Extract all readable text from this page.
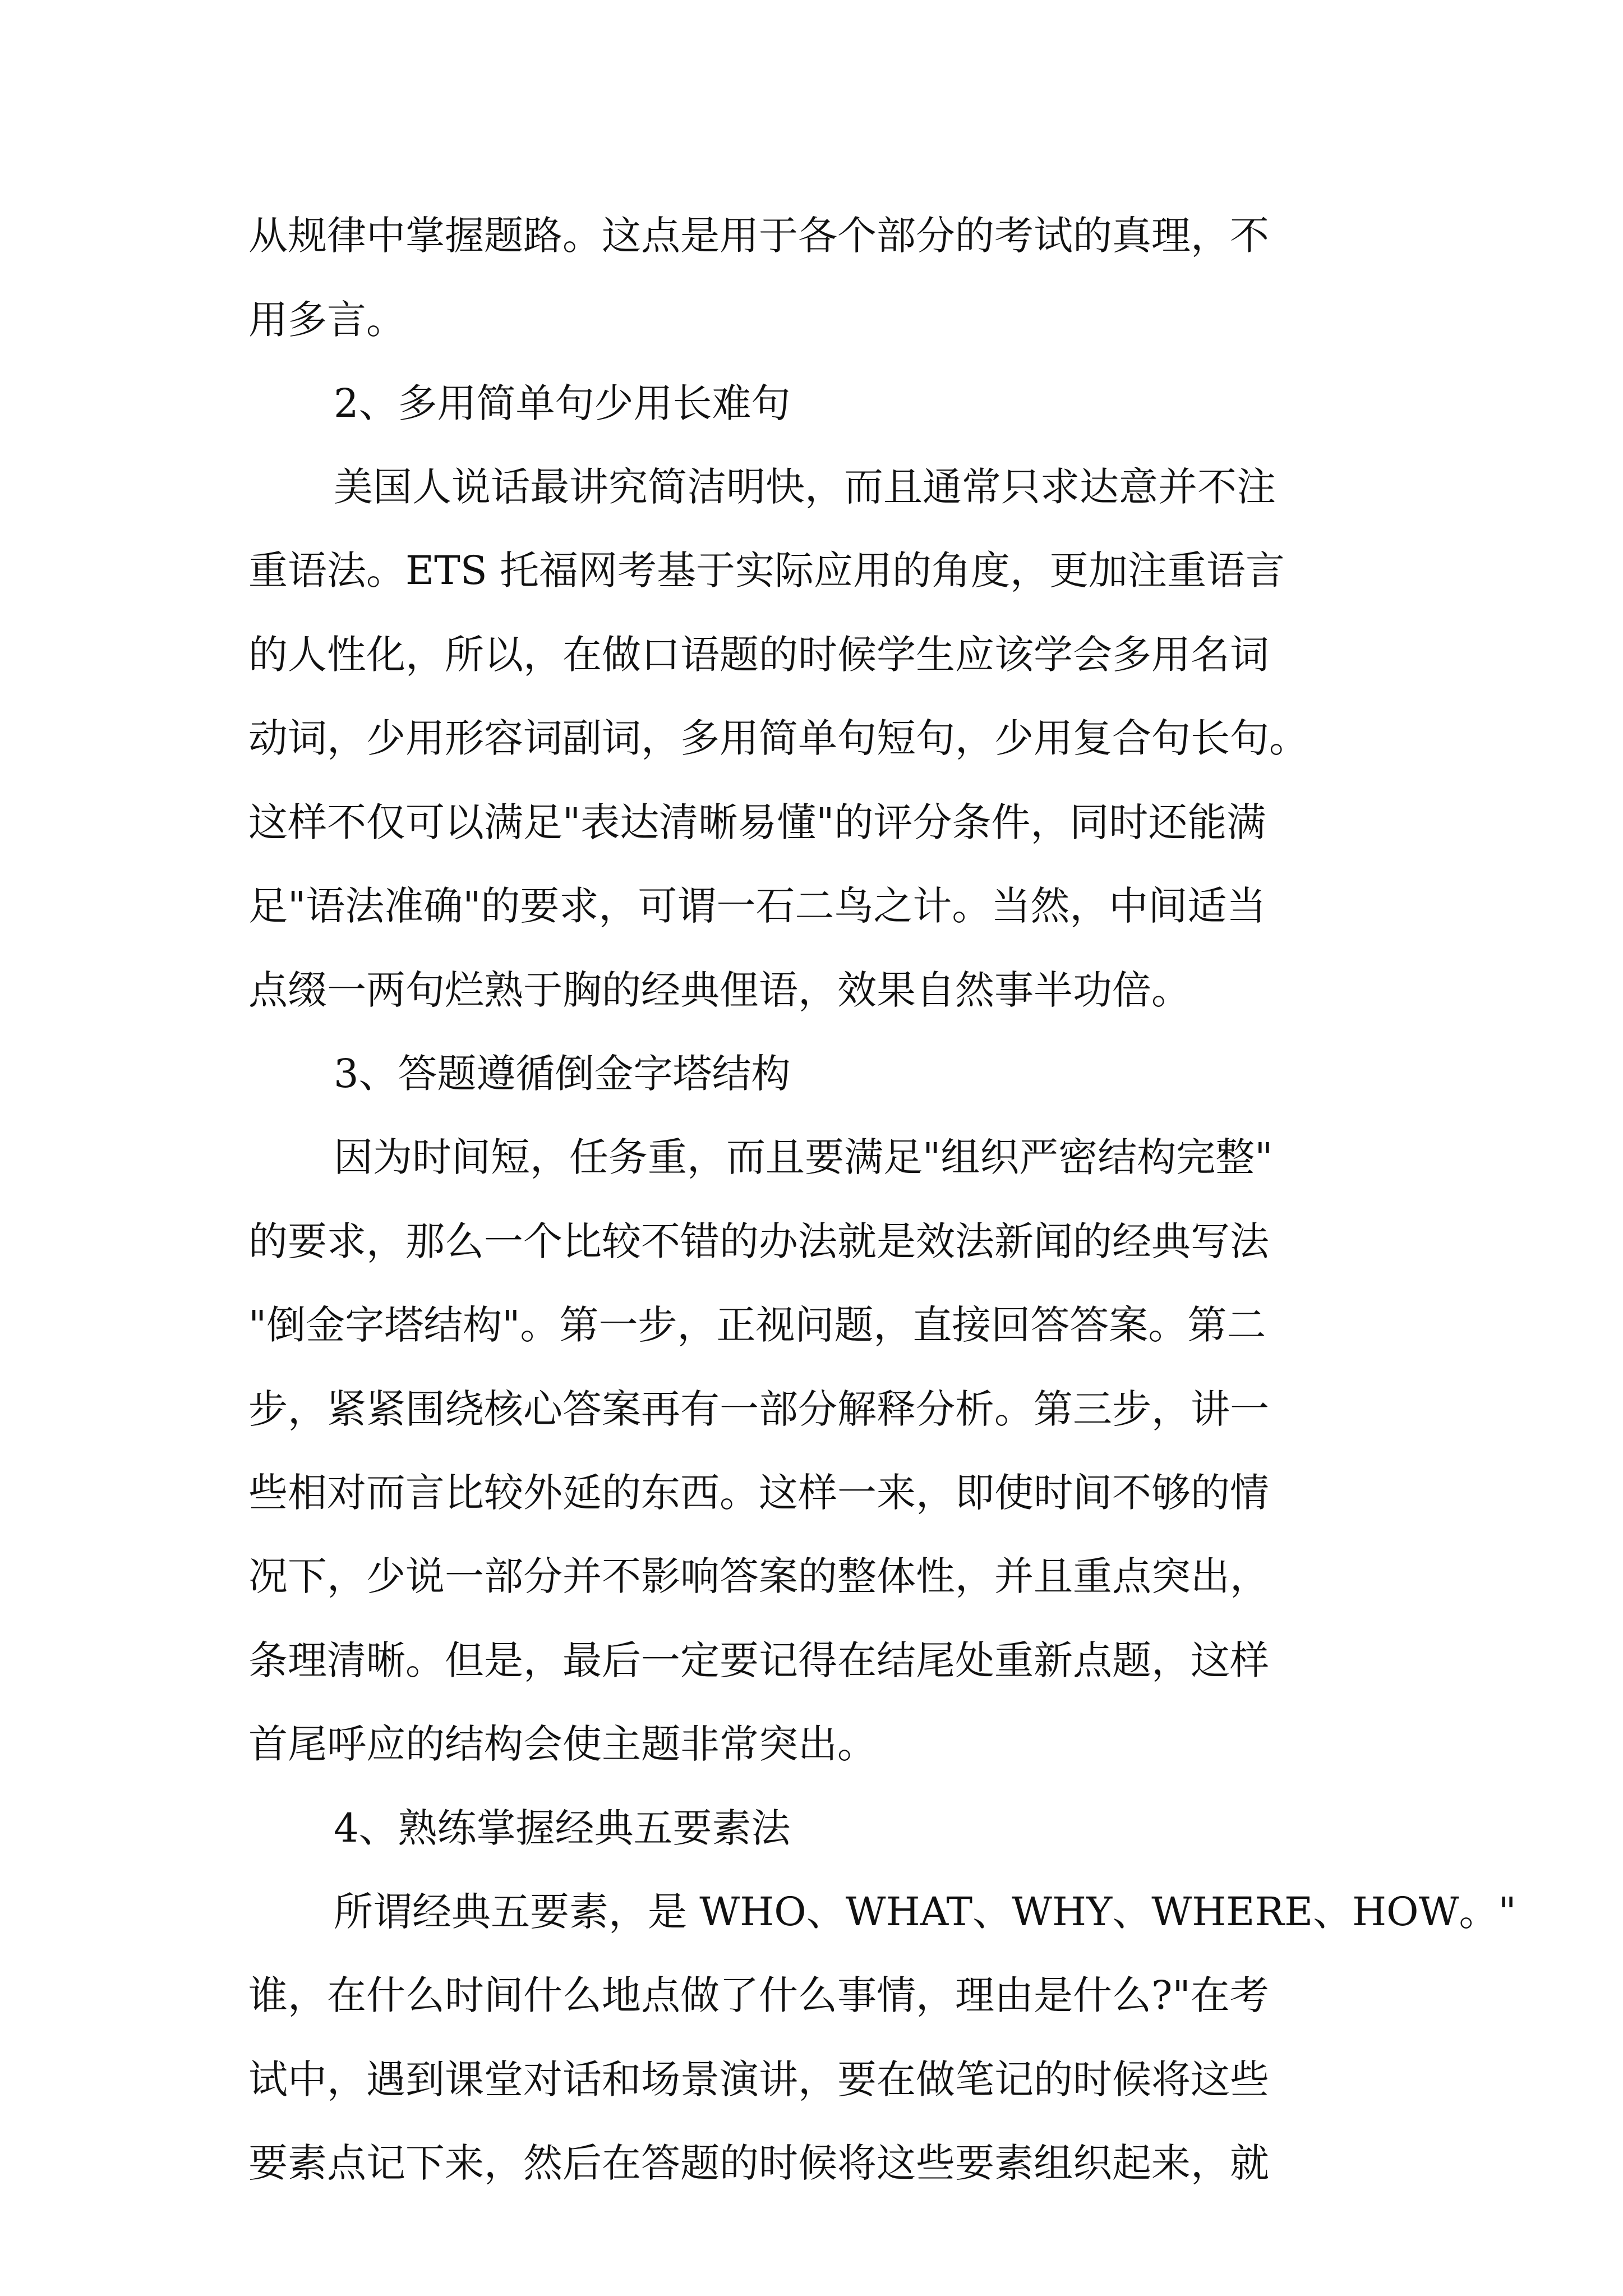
从规律中掌握题路。这点是用于各个部分的考试的真理，不
用多言。
2、多用简单句少用长难句
美国人说话最讲究简洁明快，而且通常只求达意并不注
重语法。ETS 托福网考基于实际应用的角度，更加注重语言
的人性化，所以，在做口语题的时候学生应该学会多用名词
动词，少用形容词副词，多用简单句短句，少用复合句长句。
这样不仅可以满足"表达清晰易懂"的评分条件，同时还能满
足"语法准确"的要求，可谓一石二鸟之计。当然，中间适当
点缀一两句烂熟于胸的经典俚语，效果自然事半功倍。
3、答题遵循倒金字塔结构
因为时间短，任务重，而且要满足"组织严密结构完整"
的要求，那么一个比较不错的办法就是效法新闻的经典写法
"倒金字塔结构"。第一步，正视问题，直接回答答案。第二
步，紧紧围绕核心答案再有一部分解释分析。第三步，讲一
些相对而言比较外延的东西。这样一来，即使时间不够的情
况下，少说一部分并不影响答案的整体性，并且重点突出，
条理清晰。但是，最后一定要记得在结尾处重新点题，这样
首尾呼应的结构会使主题非常突出。
4、熟练掌握经典五要素法
所谓经典五要素，是 WHO、WHAT、WHY、WHERE、HOW。"
谁，在什么时间什么地点做了什么事情，理由是什么?"在考
试中，遇到课堂对话和场景演讲，要在做笔记的时候将这些
要素点记下来，然后在答题的时候将这些要素组织起来，就
